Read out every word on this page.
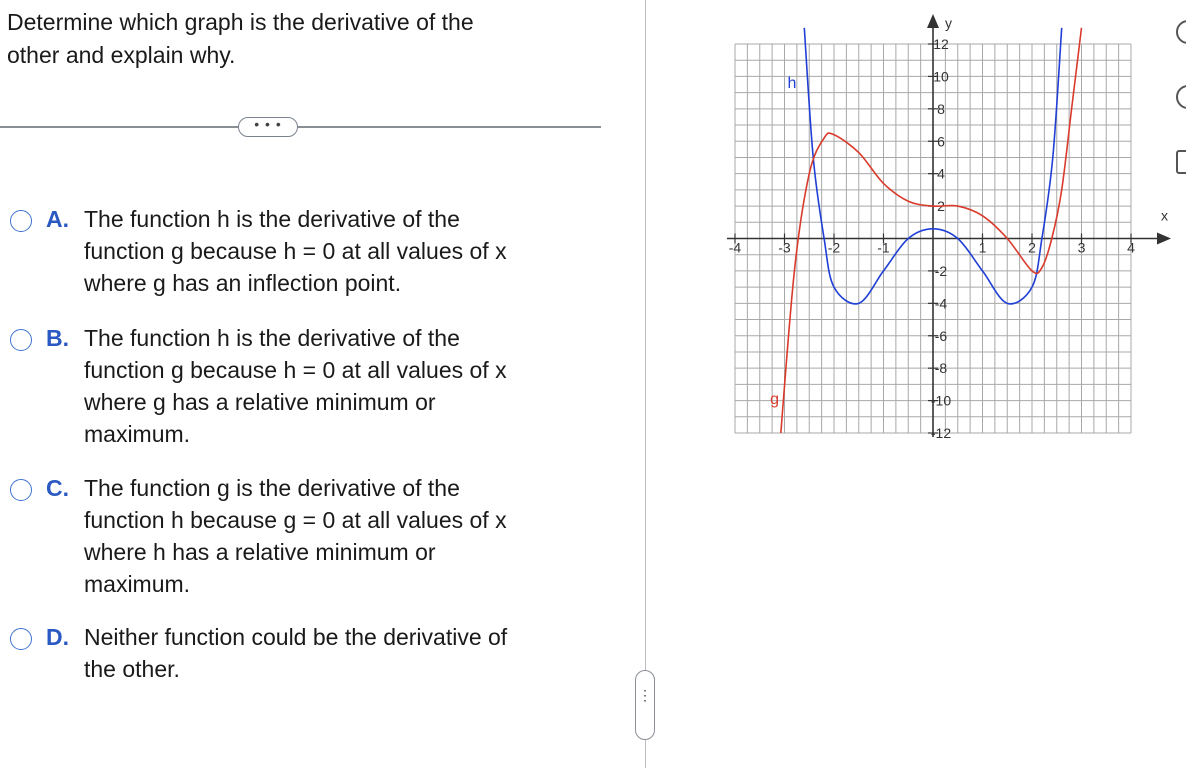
Determine which graph is the derivative of the
other and explain why.
• • •
A. The function h is the derivative of the
function g because h = 0 at all values of x
where g has an inflection point.
B. The function h is the derivative of the
function g because h = 0 at all values of x
where g has a relative minimum or
maximum.
C. The function g is the derivative of the
function h because g = 0 at all values of x
where h has a relative minimum or
maximum.
D. Neither function could be the derivative of
the other.
⋮
x
y
-4	-3	-2	-1	1	2	3	4
12
10
8
6
4
2
-2
-4
-6
-8
-10
-12
h
g
